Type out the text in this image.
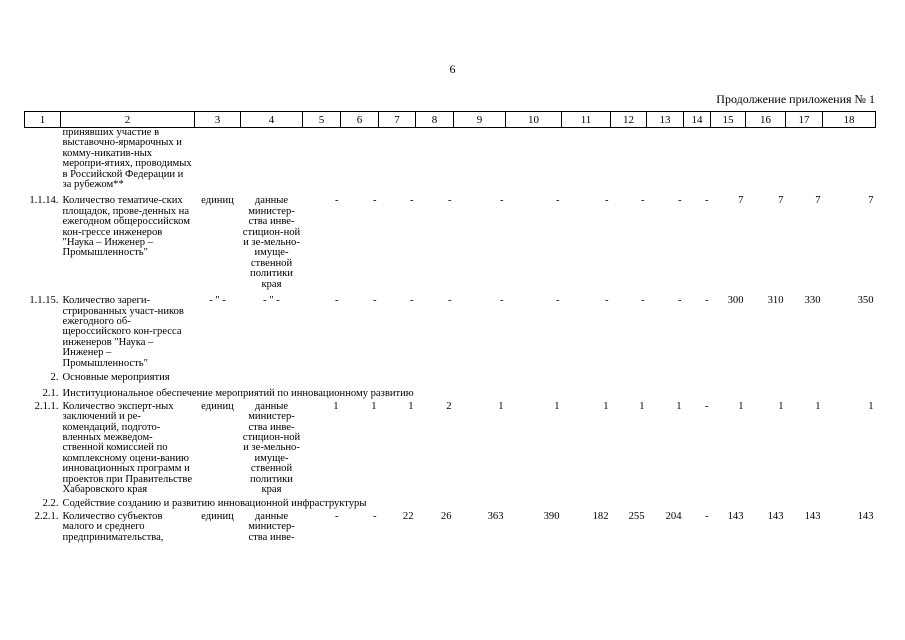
6
Продолжение приложения № 1
1	2	3	4	5	6	7	8	9	10	11	12	13	14	15	16	17	18
	принявших участие в выставочно-ярмарочных и комму-никатив-ных меропри-ятиях, проводимых в Российской Федерации и за рубежом**																
1.1.14.	Количество тематиче-ских площадок, прове-денных на ежегодном общероссийском кон-грессе инженеров "Наука – Инженер – Промышленность"	единиц	данные министер-ства инве-стицион-ной и зе-мельно-имуще-ственной политики края	-	-	-	-	-	-	-	-	-	-	7	7	7	7
1.1.15.	Количество зареги-стрированных участ-ников ежегодного об-щероссийского кон-гресса инженеров "Наука – Инженер – Промышленность"	- " -	- " -	-	-	-	-	-	-	-	-	-	-	300	310	330	350
2.	Основные мероприятия																
2.1.	Институциональное обеспечение мероприятий по инновационному развитию																
2.1.1.	Количество эксперт-ных заключений и ре-комендаций, подгото-вленных межведом-ственной комиссией по комплексному оцени-ванию инновационных программ и проектов при Правительстве Хабаровского края	единиц	данные министер-ства инве-стицион-ной и зе-мельно-имуще-ственной политики края	1	1	1	2	1	1	1	1	1	-	1	1	1	1
2.2.	Содействие созданию и развитию инновационной инфраструктуры																
2.2.1.	Количество субъектов малого и среднего предпринимательства,	единиц	данные министер-ства инве-	-	-	22	26	363	390	182	255	204	-	143	143	143	143
